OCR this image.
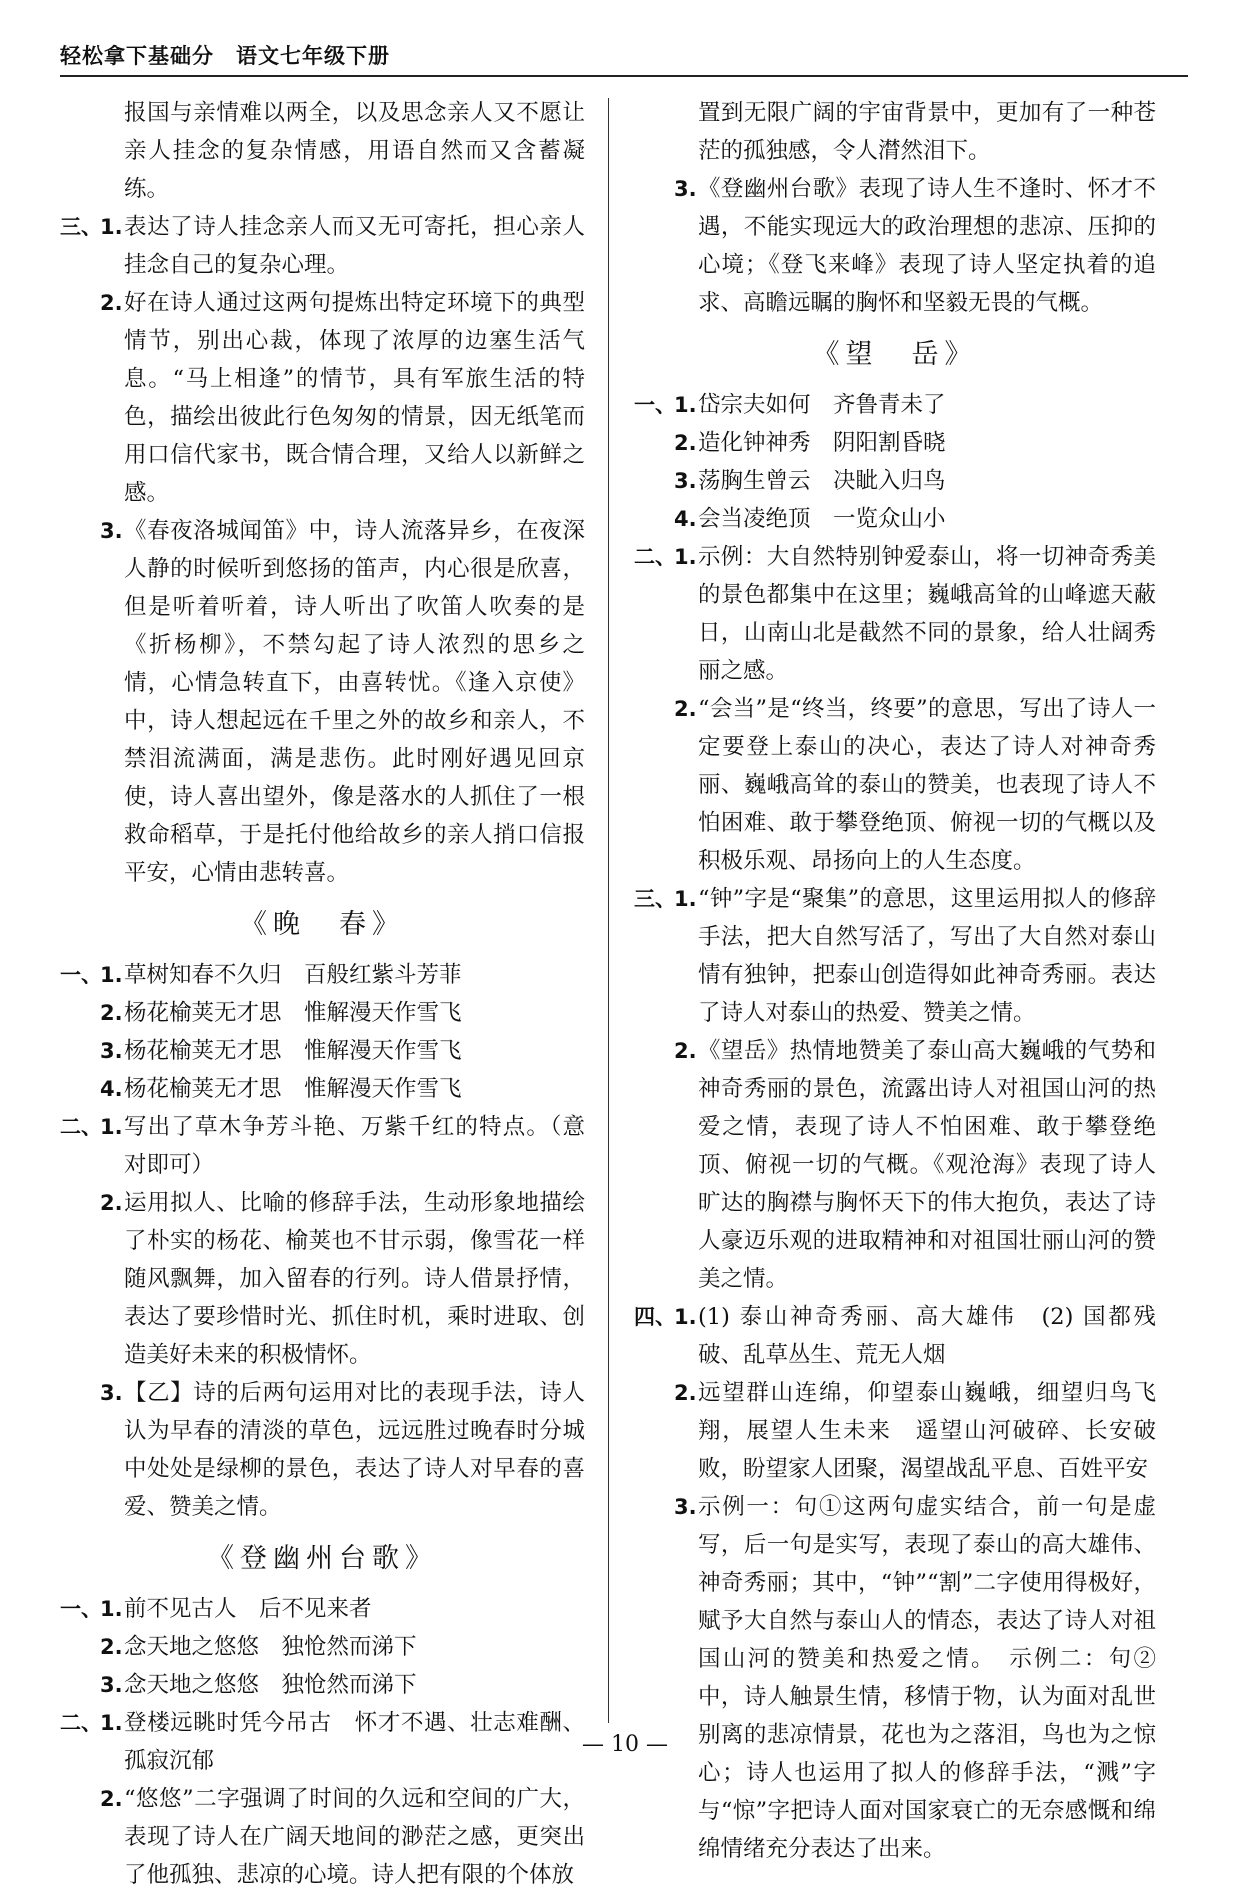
轻松拿下基础分 语文七年级下册
报国与亲情难以两全，以及思念亲人又不愿让亲人挂念的复杂情感，用语自然而又含蓄凝练。
三、
1. 表达了诗人挂念亲人而又无可寄托，担心亲人挂念自己的复杂心理。
2. 好在诗人通过这两句提炼出特定环境下的典型情节，别出心裁，体现了浓厚的边塞生活气息。“马上相逢”的情节，具有军旅生活的特色，描绘出彼此行色匆匆的情景，因无纸笔而用口信代家书，既合情合理，又给人以新鲜之感。
3. 《春夜洛城闻笛》中，诗人流落异乡，在夜深人静的时候听到悠扬的笛声，内心很是欣喜，但是听着听着，诗人听出了吹笛人吹奏的是《折杨柳》，不禁勾起了诗人浓烈的思乡之情，心情急转直下，由喜转忧。《逢入京使》中，诗人想起远在千里之外的故乡和亲人，不禁泪流满面，满是悲伤。此时刚好遇见回京使，诗人喜出望外，像是落水的人抓住了一根救命稻草，于是托付他给故乡的亲人捎口信报平安，心情由悲转喜。
《晚　春》
一、
1. 草树知春不久归　百般红紫斗芳菲
2. 杨花榆荚无才思　惟解漫天作雪飞
3. 杨花榆荚无才思　惟解漫天作雪飞
4. 杨花榆荚无才思　惟解漫天作雪飞
二、
1. 写出了草木争芳斗艳、万紫千红的特点。（意对即可）
2. 运用拟人、比喻的修辞手法，生动形象地描绘了朴实的杨花、榆荚也不甘示弱，像雪花一样随风飘舞，加入留春的行列。诗人借景抒情，表达了要珍惜时光、抓住时机，乘时进取、创造美好未来的积极情怀。
3. 【乙】诗的后两句运用对比的表现手法，诗人认为早春的清淡的草色，远远胜过晚春时分城中处处是绿柳的景色，表达了诗人对早春的喜爱、赞美之情。
《登幽州台歌》
一、
1. 前不见古人　后不见来者
2. 念天地之悠悠　独怆然而涕下
3. 念天地之悠悠　独怆然而涕下
二、
1. 登楼远眺时凭今吊古　怀才不遇、壮志难酬、孤寂沉郁
2. “悠悠”二字强调了时间的久远和空间的广大，表现了诗人在广阔天地间的渺茫之感，更突出了他孤独、悲凉的心境。诗人把有限的个体放
置到无限广阔的宇宙背景中，更加有了一种苍茫的孤独感，令人潸然泪下。
3. 《登幽州台歌》表现了诗人生不逢时、怀才不遇，不能实现远大的政治理想的悲凉、压抑的心境；《登飞来峰》表现了诗人坚定执着的追求、高瞻远瞩的胸怀和坚毅无畏的气概。
《望　岳》
一、
1. 岱宗夫如何　齐鲁青未了
2. 造化钟神秀　阴阳割昏晓
3. 荡胸生曾云　决眦入归鸟
4. 会当凌绝顶　一览众山小
二、
1. 示例：大自然特别钟爱泰山，将一切神奇秀美的景色都集中在这里；巍峨高耸的山峰遮天蔽日，山南山北是截然不同的景象，给人壮阔秀丽之感。
2. “会当”是“终当，终要”的意思，写出了诗人一定要登上泰山的决心，表达了诗人对神奇秀丽、巍峨高耸的泰山的赞美，也表现了诗人不怕困难、敢于攀登绝顶、俯视一切的气概以及积极乐观、昂扬向上的人生态度。
三、
1. “钟”字是“聚集”的意思，这里运用拟人的修辞手法，把大自然写活了，写出了大自然对泰山情有独钟，把泰山创造得如此神奇秀丽。表达了诗人对泰山的热爱、赞美之情。
2. 《望岳》热情地赞美了泰山高大巍峨的气势和神奇秀丽的景色，流露出诗人对祖国山河的热爱之情，表现了诗人不怕困难、敢于攀登绝顶、俯视一切的气概。《观沧海》表现了诗人旷达的胸襟与胸怀天下的伟大抱负，表达了诗人豪迈乐观的进取精神和对祖国壮丽山河的赞美之情。
四、
1. (1) 泰山神奇秀丽、高大雄伟　(2) 国都残破、乱草丛生、荒无人烟
2. 远望群山连绵，仰望泰山巍峨，细望归鸟飞翔，展望人生未来　遥望山河破碎、长安破败，盼望家人团聚，渴望战乱平息、百姓平安
3. 示例一：句①这两句虚实结合，前一句是虚写，后一句是实写，表现了泰山的高大雄伟、神奇秀丽；其中，“钟”“割”二字使用得极好，赋予大自然与泰山人的情态，表达了诗人对祖国山河的赞美和热爱之情。　示例二：句②中，诗人触景生情，移情于物，认为面对乱世别离的悲凉情景，花也为之落泪，鸟也为之惊心；诗人也运用了拟人的修辞手法，“溅”字与“惊”字把诗人面对国家衰亡的无奈感慨和绵绵情绪充分表达了出来。
— 10 —
